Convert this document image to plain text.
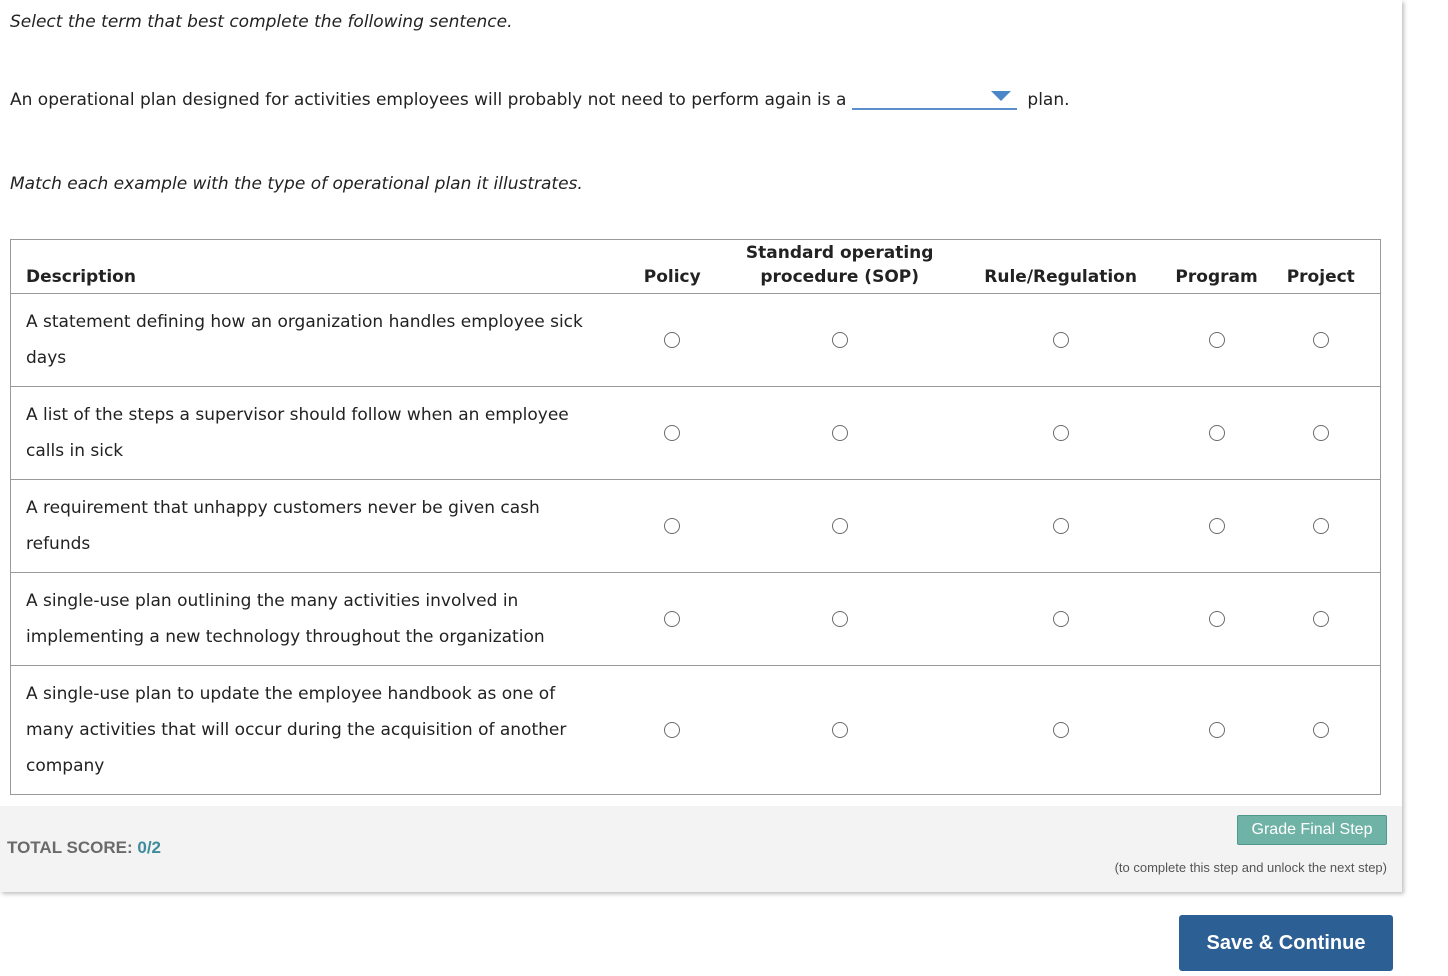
Select the term that best complete the following sentence.
An operational plan designed for activities employees will probably not need to perform again is a	plan.
Match each example with the type of operational plan it illustrates.
Description	Policy	Standard operating procedure (SOP)	Rule/Regulation	Program	Project
A statement defining how an organization handles employee sick days					
A list of the steps a supervisor should follow when an employee calls in sick					
A requirement that unhappy customers never be given cash refunds					
A single-use plan outlining the many activities involved in implementing a new technology throughout the organization					
A single-use plan to update the employee handbook as one of many activities that will occur during the acquisition of another company					
TOTAL SCORE: 0/2
Grade Final Step
(to complete this step and unlock the next step)
Save & Continue
